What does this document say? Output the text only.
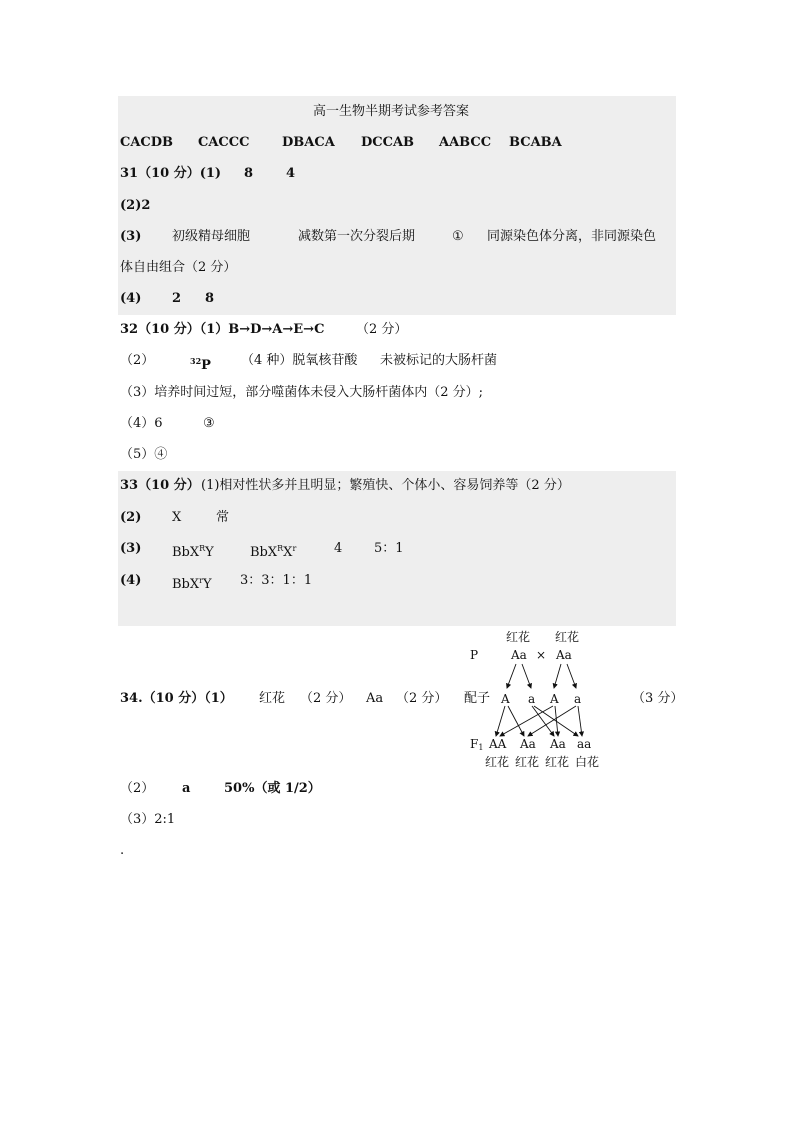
高一生物半期考试参考答案
CACDB CACCC	DBACA DCCAB AABCC BCABA
31（10 分）(1) 8	4
(2)2
(3) 初级精母细胞	减数第一次分裂后期	① 同源染色体分离，非同源染色
体自由组合（2 分）
(4) 2 8
32（10 分）（1）B→D→A→E→C （2 分）
（2）	$^{32}$P （4 种）脱氧核苷酸 未被标记的大肠杆菌
（3）培养时间过短，部分噬菌体未侵入大肠杆菌体内（2 分）;
（4）6	③
（5）④
33（10 分） (1)相对性状多并且明显；繁殖快、个体小、容易饲养等（2 分）
(2) X	常
(3) BbX$^R$Y	$BbX^RX^r$	4 5：1
(4) BbX$^r$Y 3：3：1：1
34.（10 分）（1） 红花 （2 分） Aa （2 分） 配子	（3 分）
P
红花 红花
Aa × Aa
A a A a
F1 AA Aa Aa aa
红花 红花 红花 白花
（2） a	50%（或 1/2）
（3）2:1
.
